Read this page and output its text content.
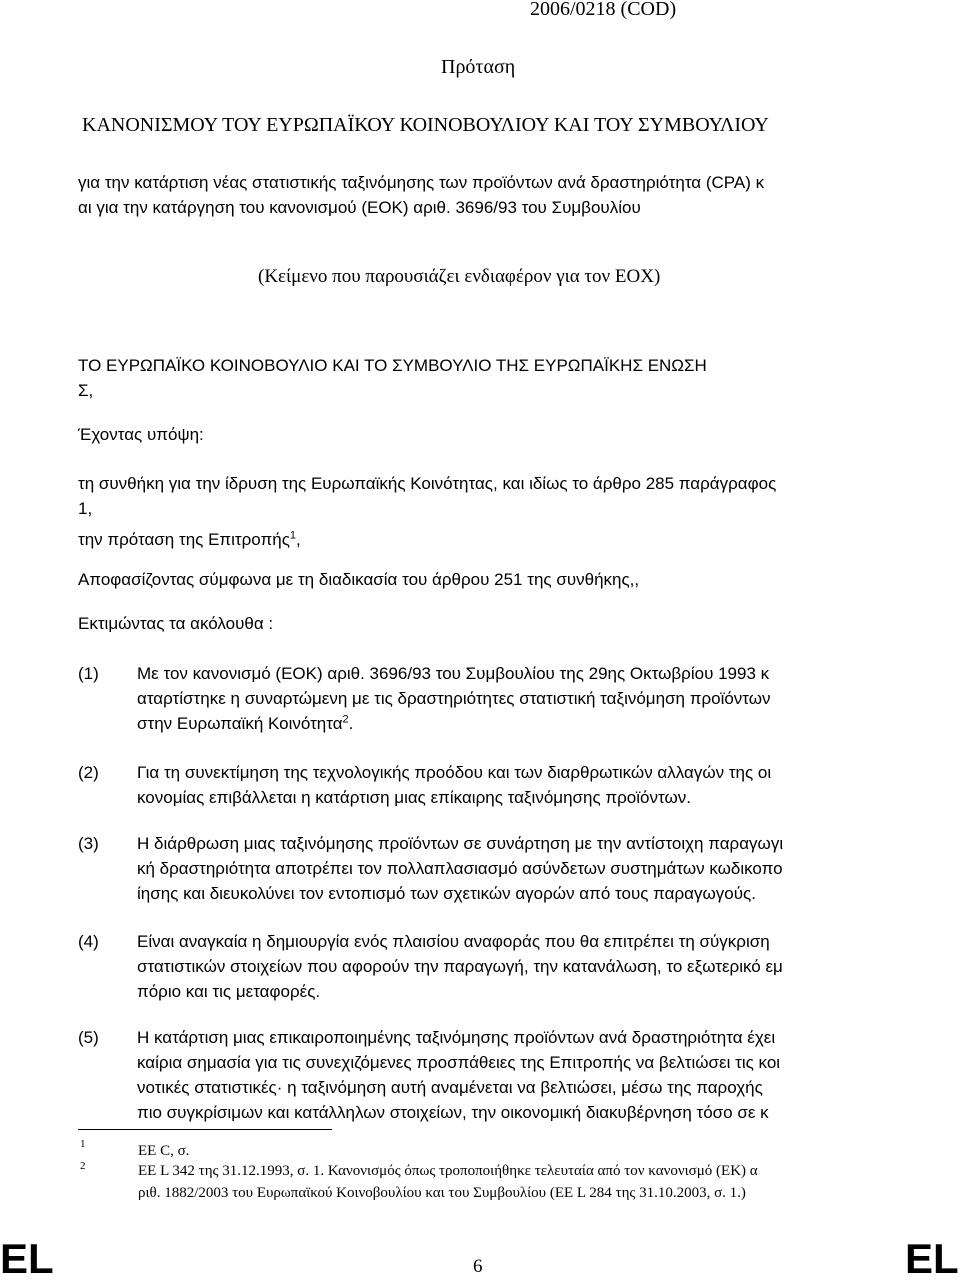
2006/0218 (COD)

Πρόταση

ΚΑΝΟΝΙΣΜΟΥ ΤΟΥ ΕΥΡΩΠΑΪΚΟΥ ΚΟΙΝΟΒΟΥΛΙΟΥ ΚΑΙ ΤΟΥ ΣΥΜΒΟΥΛΙΟΥ

για την κατάρτιση νέας στατιστικής ταξινόμησης των προϊόντων ανά δραστηριότητα (CPA) κ

αι για την κατάργηση του κανονισμού (ΕΟΚ) αριθ. 3696/93 του Συμβουλίου

(Κείμενο που παρουσιάζει ενδιαφέρον για τον ΕΟΧ)

ΤΟ ΕΥΡΩΠΑΪΚΟ ΚΟΙΝΟΒΟΥΛΙΟ ΚΑΙ ΤΟ ΣΥΜΒΟΥΛΙΟ ΤΗΣ ΕΥΡΩΠΑΪΚΗΣ ΕΝΩΣΗ

Σ,

Έχοντας υπόψη:

τη συνθήκη για την ίδρυση της Ευρωπαϊκής Κοινότητας, και ιδίως το άρθρο 285 παράγραφος

1,

την πρόταση της Επιτροπής$^1$,

Αποφασίζοντας σύμφωνα με τη διαδικασία του άρθρου 251 της συνθήκης,,

Εκτιμώντας τα ακόλουθα :

(1) Με τον κανονισμό (ΕΟΚ) αριθ. 3696/93 του Συμβουλίου της 29ης Οκτωβρίου 1993 κ
αταρτίστηκε η συναρτώμενη με τις δραστηριότητες στατιστική ταξινόμηση προϊόντων
στην Ευρωπαϊκή Κοινότητα$^2$.
(2) Για τη συνεκτίμηση της τεχνολογικής προόδου και των διαρθρωτικών αλλαγών της οι
κονομίας επιβάλλεται η κατάρτιση μιας επίκαιρης ταξινόμησης προϊόντων.
(3) Η διάρθρωση μιας ταξινόμησης προϊόντων σε συνάρτηση με την αντίστοιχη παραγωγι
κή δραστηριότητα αποτρέπει τον πολλαπλασιασμό ασύνδετων συστημάτων κωδικοπο
ίησης και διευκολύνει τον εντοπισμό των σχετικών αγορών από τους παραγωγούς.
(4) Είναι αναγκαία η δημιουργία ενός πλαισίου αναφοράς που θα επιτρέπει τη σύγκριση
στατιστικών στοιχείων που αφορούν την παραγωγή, την κατανάλωση, το εξωτερικό εμ
πόριο και τις μεταφορές.
(5) Η κατάρτιση μιας επικαιροποιημένης ταξινόμησης προϊόντων ανά δραστηριότητα έχει
καίρια σημασία για τις συνεχιζόμενες προσπάθειες της Επιτροπής να βελτιώσει τις κοι
νοτικές στατιστικές· η ταξινόμηση αυτή αναμένεται να βελτιώσει, μέσω της παροχής
πιο συγκρίσιμων και κατάλληλων στοιχείων, την οικονομική διακυβέρνηση τόσο σε κ
1	ΕΕ C, σ.
2	ΕΕ L 342 της 31.12.1993, σ. 1. Κανονισμός όπως τροποποιήθηκε τελευταία από τον κανονισμό (ΕΚ) α
ριθ. 1882/2003 του Ευρωπαϊκού Κοινοβουλίου και του Συμβουλίου (ΕΕ L 284 της 31.10.2003, σ. 1.)
EL	6	EL
